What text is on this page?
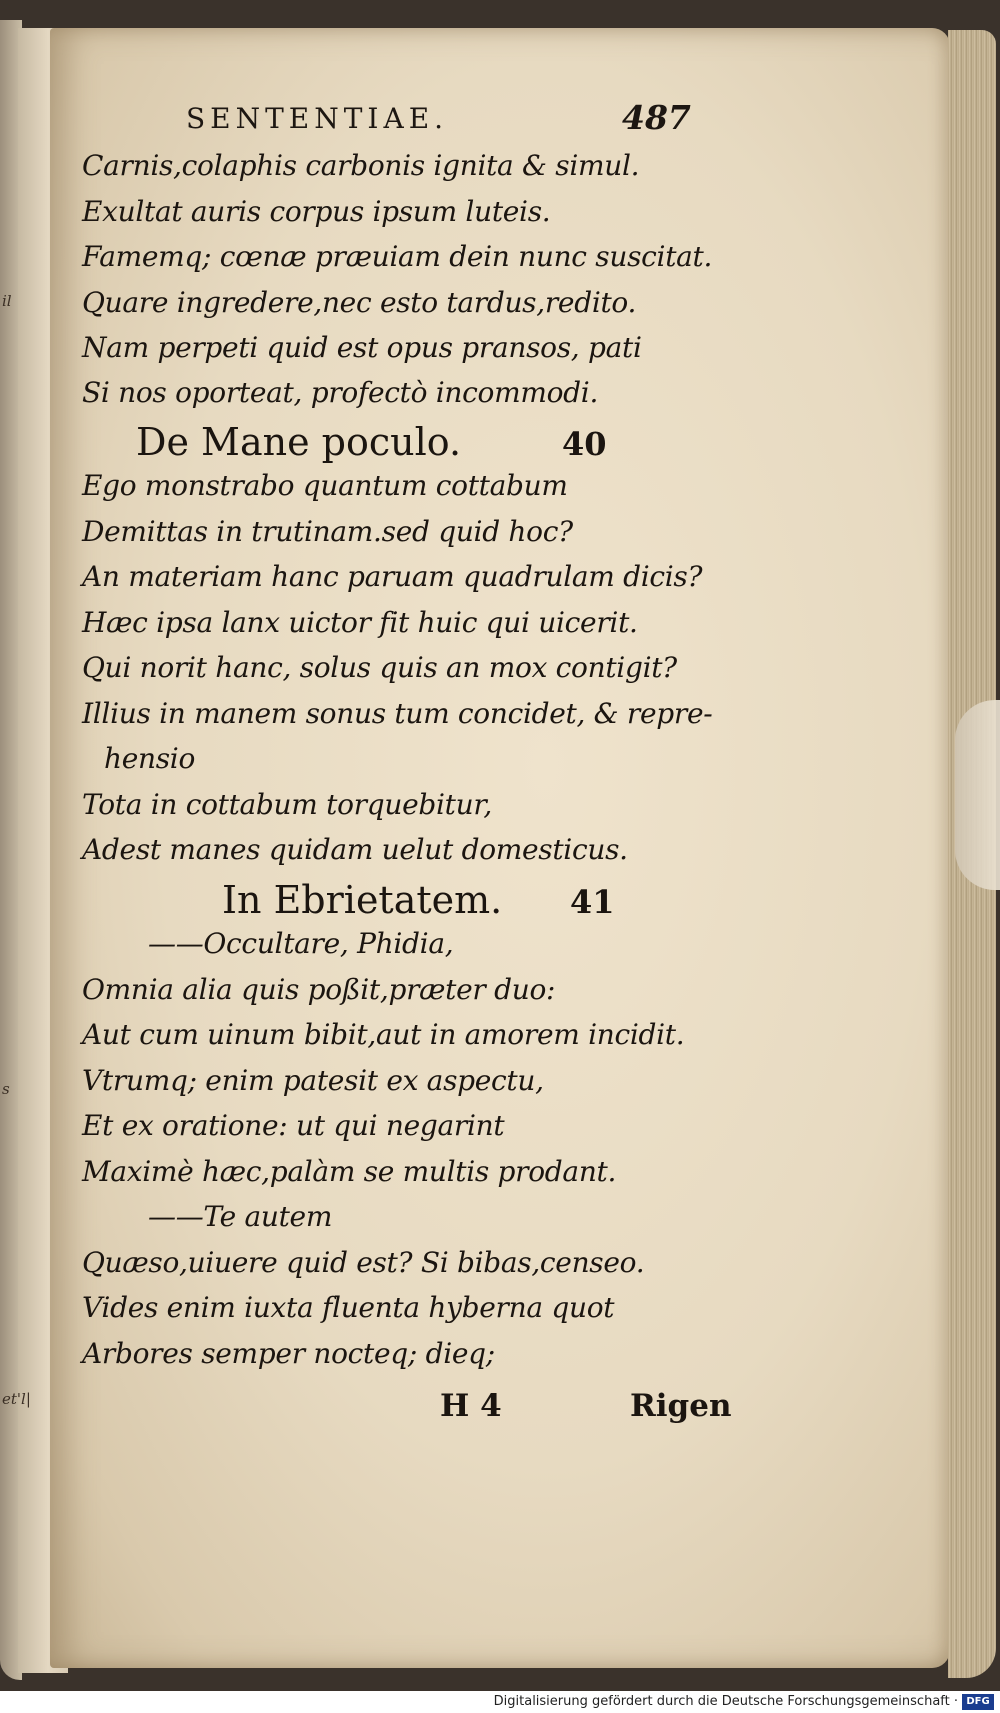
il
s
et'l|
SENTENTIAE.	487
Carnis,colaphis carbonis ignita & simul.
Exultat auris corpus ipsum luteis.
Famemq; cœnæ præuiam dein nunc suscitat.
Quare ingredere,nec esto tardus,redito.
Nam perpeti quid est opus pransos, pati
Si nos oporteat, profectò incommodi.
De Mane poculo.	40
Ego monstrabo quantum cottabum
Demittas in trutinam.sed quid hoc?
An materiam hanc paruam quadrulam dicis?
Hæc ipsa lanx uictor fit huic qui uicerit.
Qui norit hanc, solus quis an mox contigit?
Illius in manem sonus tum concidet, & repre-
hensio
Tota in cottabum torquebitur,
Adest manes quidam uelut domesticus.
In Ebrietatem. 41
——Occultare, Phidia,
Omnia alia quis poßit,præter duo:
Aut cum uinum bibit,aut in amorem incidit.
Vtrumq; enim patesit ex aspectu,
Et ex oratione: ut qui negarint
Maximè hæc,palàm se multis prodant.
——Te autem
Quæso,uiuere quid est? Si bibas,censeo.
Vides enim iuxta fluenta hyberna quot
Arbores semper nocteq; dieq;
H 4	Rigen
Digitalisierung gefördert durch die Deutsche Forschungsgemeinschaft · DFG
